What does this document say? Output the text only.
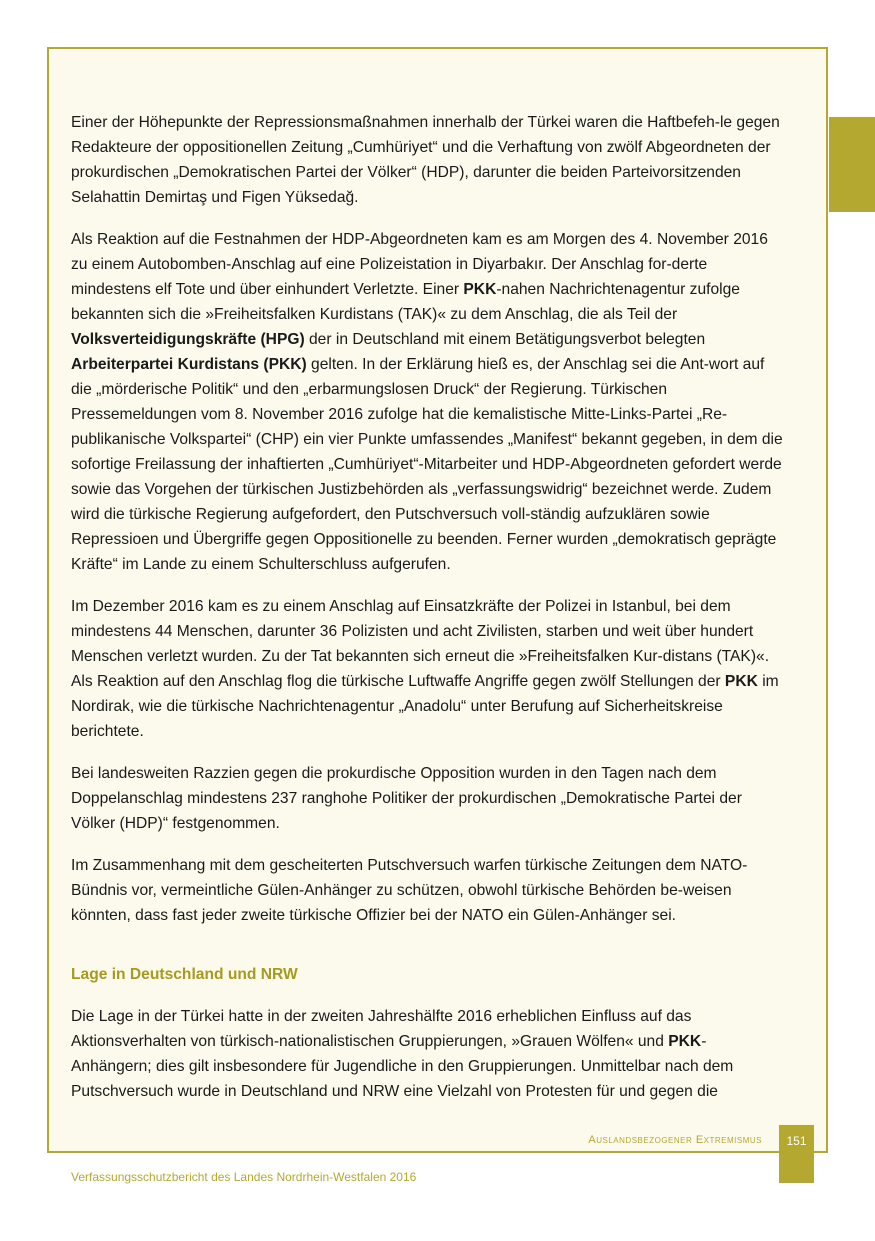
Einer der Höhepunkte der Repressionsmaßnahmen innerhalb der Türkei waren die Haftbefeh-le gegen Redakteure der oppositionellen Zeitung „Cumhüriyet“ und die Verhaftung von zwölf Abgeordneten der prokurdischen „Demokratischen Partei der Völker“ (HDP), darunter die beiden Parteivorsitzenden Selahattin Demirtaş und Figen Yüksedağ.

Als Reaktion auf die Festnahmen der HDP-Abgeordneten kam es am Morgen des 4. November 2016 zu einem Autobomben-Anschlag auf eine Polizeistation in Diyarbakır. Der Anschlag for-derte mindestens elf Tote und über einhundert Verletzte. Einer PKK-nahen Nachrichtenagentur zufolge bekannten sich die »Freiheitsfalken Kurdistans (TAK)« zu dem Anschlag, die als Teil der Volksverteidigungskräfte (HPG) der in Deutschland mit einem Betätigungsverbot belegten Arbeiterpartei Kurdistans (PKK) gelten. In der Erklärung hieß es, der Anschlag sei die Ant-wort auf die „mörderische Politik“ und den „erbarmungslosen Druck“ der Regierung. Türkischen Pressemeldungen vom 8. November 2016 zufolge hat die kemalistische Mitte-Links-Partei „Re-publikanische Volkspartei“ (CHP) ein vier Punkte umfassendes „Manifest“ bekannt gegeben, in dem die sofortige Freilassung der inhaftierten „Cumhüriyet“-Mitarbeiter und HDP-Abgeordneten gefordert werde sowie das Vorgehen der türkischen Justizbehörden als „verfassungswidrig“ bezeichnet werde. Zudem wird die türkische Regierung aufgefordert, den Putschversuch voll-ständig aufzuklären sowie Repressioen und Übergriffe gegen Oppositionelle zu beenden. Ferner wurden „demokratisch geprägte Kräfte“ im Lande zu einem Schulterschluss aufgerufen.

Im Dezember 2016 kam es zu einem Anschlag auf Einsatzkräfte der Polizei in Istanbul, bei dem mindestens 44 Menschen, darunter 36 Polizisten und acht Zivilisten, starben und weit über hundert Menschen verletzt wurden. Zu der Tat bekannten sich erneut die »Freiheitsfalken Kur-distans (TAK)«. Als Reaktion auf den Anschlag flog die türkische Luftwaffe Angriffe gegen zwölf Stellungen der PKK im Nordirak, wie die türkische Nachrichtenagentur „Anadolu“ unter Berufung auf Sicherheitskreise berichtete.

Bei landesweiten Razzien gegen die prokurdische Opposition wurden in den Tagen nach dem Doppelanschlag mindestens 237 ranghohe Politiker der prokurdischen „Demokratische Partei der Völker (HDP)“ festgenommen.

Im Zusammenhang mit dem gescheiterten Putschversuch warfen türkische Zeitungen dem NATO-Bündnis vor, vermeintliche Gülen-Anhänger zu schützen, obwohl türkische Behörden be-weisen könnten, dass fast jeder zweite türkische Offizier bei der NATO ein Gülen-Anhänger sei.

Lage in Deutschland und NRW

Die Lage in der Türkei hatte in der zweiten Jahreshälfte 2016 erheblichen Einfluss auf das Aktionsverhalten von türkisch-nationalistischen Gruppierungen, »Grauen Wölfen« und PKK-Anhängern; dies gilt insbesondere für Jugendliche in den Gruppierungen. Unmittelbar nach dem Putschversuch wurde in Deutschland und NRW eine Vielzahl von Protesten für und gegen die

Auslandsbezogener Extremismus	151
Verfassungsschutzbericht des Landes Nordrhein-Westfalen 2016
